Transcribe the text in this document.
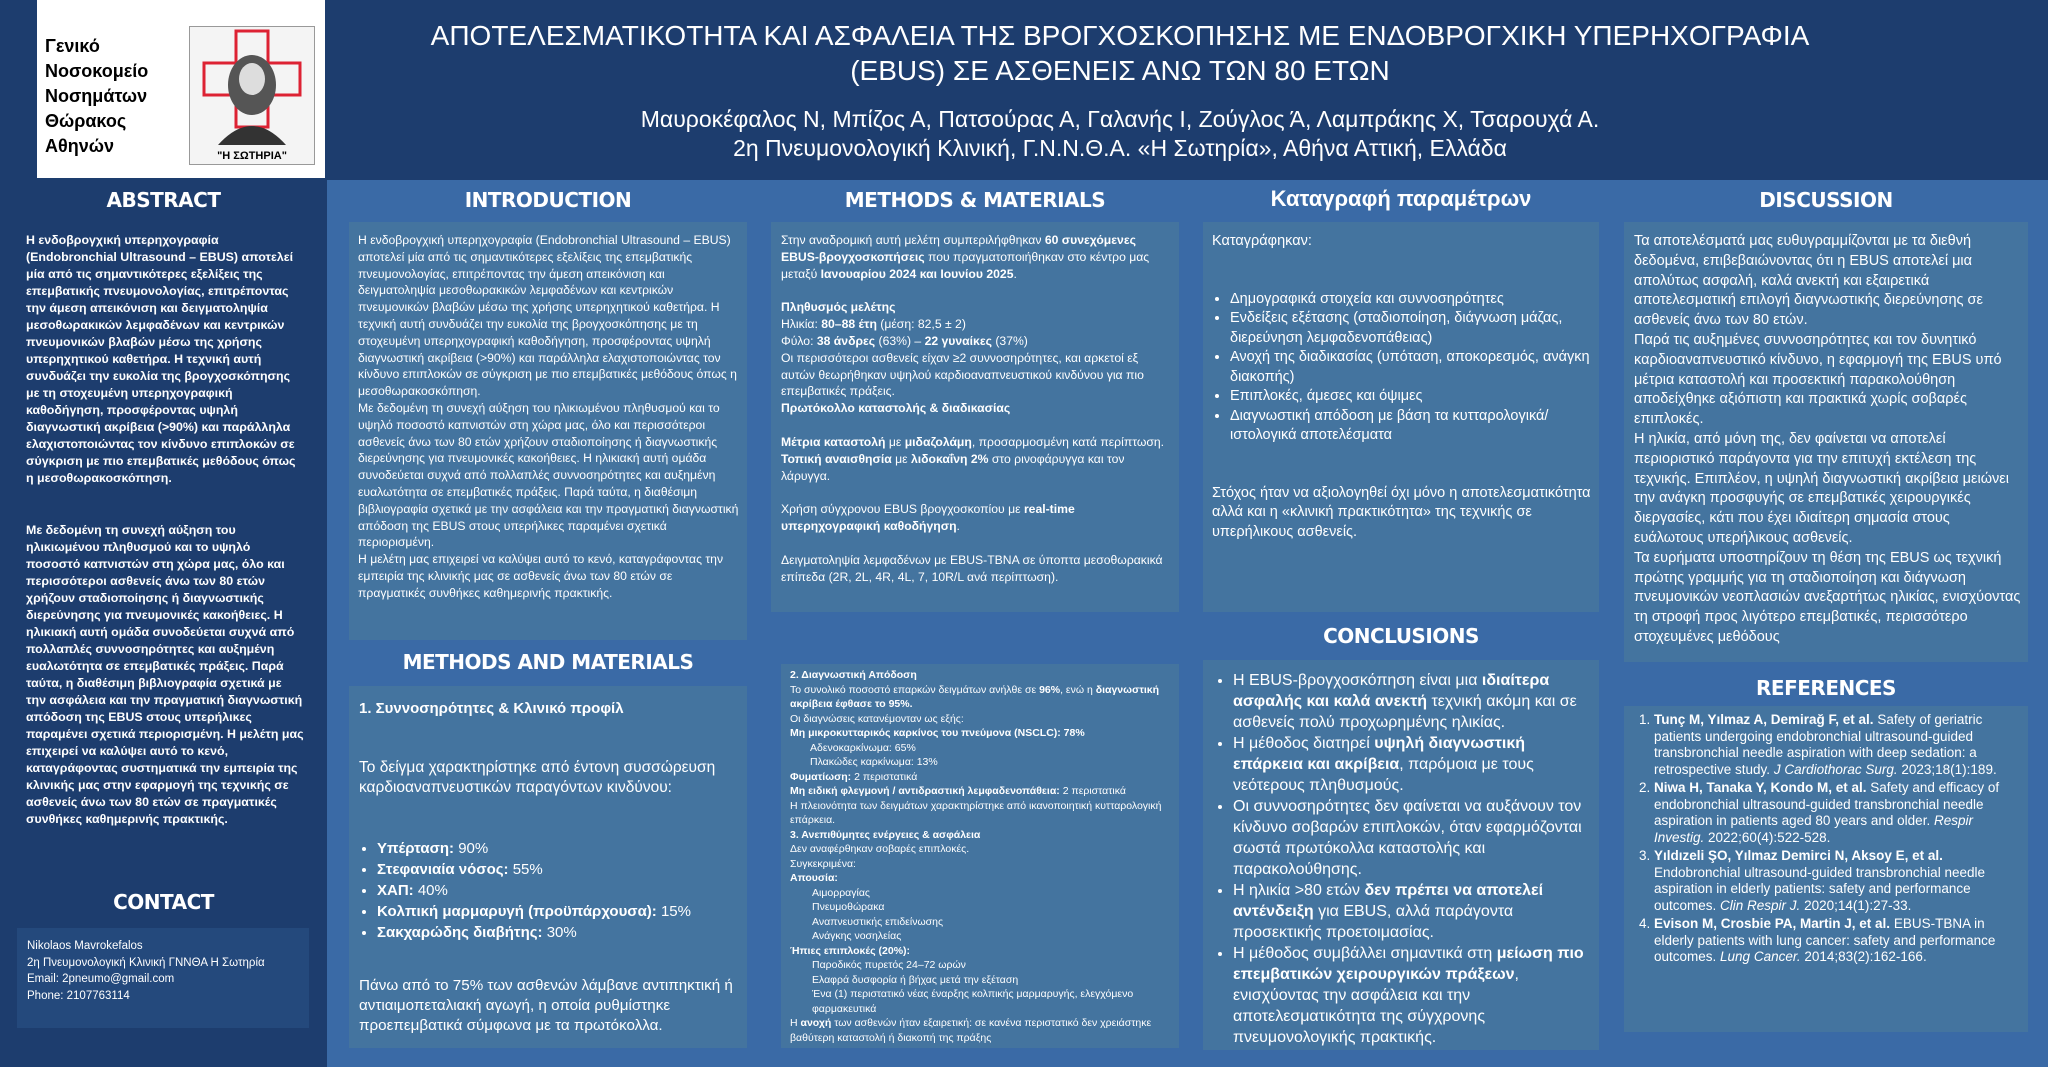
Γενικό
Νοσοκομείο
Νοσημάτων
Θώρακος
Αθηνών	"Η ΣΩΤΗΡΙΑ"
ΑΠΟΤΕΛΕΣΜΑΤΙΚΟΤΗΤΑ ΚΑΙ ΑΣΦΑΛΕΙΑ ΤΗΣ ΒΡΟΓΧΟΣΚΟΠΗΣΗΣ ΜΕ ΕΝΔΟΒΡΟΓΧΙΚΗ ΥΠΕΡΗΧΟΓΡΑΦΙΑ
(EBUS) ΣΕ ΑΣΘΕΝΕΙΣ ΑΝΩ ΤΩΝ 80 ΕΤΩΝ
Μαυροκέφαλος Ν, Μπίζος Α, Πατσούρας Α, Γαλανής Ι, Ζούγλος Ά, Λαμπράκης Χ, Τσαρουχά Α.
2η Πνευμονολογική Κλινική, Γ.Ν.Ν.Θ.Α. «Η Σωτηρία», Αθήνα Αττική, Ελλάδα
ABSTRACT
Η ενδοβρογχική υπερηχογραφία (Endobronchial Ultrasound – EBUS) αποτελεί μία από τις σημαντικότερες εξελίξεις της επεμβατικής πνευμονολογίας, επιτρέποντας την άμεση απεικόνιση και δειγματοληψία μεσοθωρακικών λεμφαδένων και κεντρικών πνευμονικών βλαβών μέσω της χρήσης υπερηχητικού καθετήρα. Η τεχνική αυτή συνδυάζει την ευκολία της βρογχοσκόπησης με τη στοχευμένη υπερηχογραφική καθοδήγηση, προσφέροντας υψηλή διαγνωστική ακρίβεια (>90%) και παράλληλα ελαχιστοποιώντας τον κίνδυνο επιπλοκών σε σύγκριση με πιο επεμβατικές μεθόδους όπως η μεσοθωρακοσκόπηση.
Με δεδομένη τη συνεχή αύξηση του ηλικιωμένου πληθυσμού και το υψηλό ποσοστό καπνιστών στη χώρα μας, όλο και περισσότεροι ασθενείς άνω των 80 ετών χρήζουν σταδιοποίησης ή διαγνωστικής διερεύνησης για πνευμονικές κακοήθειες. Η ηλικιακή αυτή ομάδα συνοδεύεται συχνά από πολλαπλές συννοσηρότητες και αυξημένη ευαλωτότητα σε επεμβατικές πράξεις. Παρά ταύτα, η διαθέσιμη βιβλιογραφία σχετικά με την ασφάλεια και την πραγματική διαγνωστική απόδοση της EBUS στους υπερήλικες παραμένει σχετικά περιορισμένη. Η μελέτη μας επιχειρεί να καλύψει αυτό το κενό, καταγράφοντας συστηματικά την εμπειρία της κλινικής μας στην εφαρμογή της τεχνικής σε ασθενείς άνω των 80 ετών σε πραγματικές συνθήκες καθημερινής πρακτικής.
CONTACT
Nikolaos Mavrokefalos
2η Πνευμονολογική Κλινική ΓΝΝΘΑ Η Σωτηρία
Email: 2pneumo@gmail.com
Phone: 2107763114
INTRODUCTION
Η ενδοβρογχική υπερηχογραφία (Endobronchial Ultrasound – EBUS) αποτελεί μία από τις σημαντικότερες εξελίξεις της επεμβατικής πνευμονολογίας, επιτρέποντας την άμεση απεικόνιση και δειγματοληψία μεσοθωρακικών λεμφαδένων και κεντρικών πνευμονικών βλαβών μέσω της χρήσης υπερηχητικού καθετήρα. Η τεχνική αυτή συνδυάζει την ευκολία της βρογχοσκόπησης με τη στοχευμένη υπερηχογραφική καθοδήγηση, προσφέροντας υψηλή διαγνωστική ακρίβεια (>90%) και παράλληλα ελαχιστοποιώντας τον κίνδυνο επιπλοκών σε σύγκριση με πιο επεμβατικές μεθόδους όπως η μεσοθωρακοσκόπηση.
Με δεδομένη τη συνεχή αύξηση του ηλικιωμένου πληθυσμού και το υψηλό ποσοστό καπνιστών στη χώρα μας, όλο και περισσότεροι ασθενείς άνω των 80 ετών χρήζουν σταδιοποίησης ή διαγνωστικής διερεύνησης για πνευμονικές κακοήθειες. Η ηλικιακή αυτή ομάδα συνοδεύεται συχνά από πολλαπλές συννοσηρότητες και αυξημένη ευαλωτότητα σε επεμβατικές πράξεις. Παρά ταύτα, η διαθέσιμη βιβλιογραφία σχετικά με την ασφάλεια και την πραγματική διαγνωστική απόδοση της EBUS στους υπερήλικες παραμένει σχετικά περιορισμένη.
Η μελέτη μας επιχειρεί να καλύψει αυτό το κενό, καταγράφοντας την εμπειρία της κλινικής μας σε ασθενείς άνω των 80 ετών σε πραγματικές συνθήκες καθημερινής πρακτικής.
METHODS AND MATERIALS
1. Συννοσηρότητες & Κλινικό προφίλ
Το δείγμα χαρακτηρίστηκε από έντονη συσσώρευση καρδιοαναπνευστικών παραγόντων κινδύνου:
• Υπέρταση: 90%
• Στεφανιαία νόσος: 55%
• ΧΑΠ: 40%
• Κολπική μαρμαρυγή (προϋπάρχουσα): 15%
• Σακχαρώδης διαβήτης: 30%
Πάνω από το 75% των ασθενών λάμβανε αντιπηκτική ή αντιαιμοπεταλιακή αγωγή, η οποία ρυθμίστηκε προεπεμβατικά σύμφωνα με τα πρωτόκολλα.
METHODS & MATERIALS
Στην αναδρομική αυτή μελέτη συμπεριλήφθηκαν 60 συνεχόμενες EBUS-βρογχοσκοπήσεις που πραγματοποιήθηκαν στο κέντρο μας μεταξύ Ιανουαρίου 2024 και Ιουνίου 2025.
Πληθυσμός μελέτης
Ηλικία: 80–88 έτη (μέση: 82,5 ± 2)
Φύλο: 38 άνδρες (63%) – 22 γυναίκες (37%)
Οι περισσότεροι ασθενείς είχαν ≥2 συννοσηρότητες, και αρκετοί εξ αυτών θεωρήθηκαν υψηλού καρδιοαναπνευστικού κινδύνου για πιο επεμβατικές πράξεις.
Πρωτόκολλο καταστολής & διαδικασίας
Μέτρια καταστολή με μιδαζολάμη, προσαρμοσμένη κατά περίπτωση.
Τοπική αναισθησία με λιδοκαΐνη 2% στο ρινοφάρυγγα και τον λάρυγγα.
Χρήση σύγχρονου EBUS βρογχοσκοπίου με real-time υπερηχογραφική καθοδήγηση.
Δειγματοληψία λεμφαδένων με EBUS-TBNA σε ύποπτα μεσοθωρακικά επίπεδα (2R, 2L, 4R, 4L, 7, 10R/L ανά περίπτωση).
2. Διαγνωστική Απόδοση
Το συνολικό ποσοστό επαρκών δειγμάτων ανήλθε σε 96%, ενώ η διαγνωστική ακρίβεια έφθασε το 95%.
Οι διαγνώσεις κατανέμονταν ως εξής:
Μη μικροκυτταρικός καρκίνος του πνεύμονα (NSCLC): 78%
Αδενοκαρκίνωμα: 65%
Πλακώδες καρκίνωμα: 13%
Φυματίωση: 2 περιστατικά
Μη ειδική φλεγμονή / αντιδραστική λεμφαδενοπάθεια: 2 περιστατικά
Η πλειονότητα των δειγμάτων χαρακτηρίστηκε από ικανοποιητική κυτταρολογική επάρκεια.
3. Ανεπιθύμητες ενέργειες & ασφάλεια
Δεν αναφέρθηκαν σοβαρές επιπλοκές.
Συγκεκριμένα:
Απουσία:
Αιμορραγίας
Πνευμοθώρακα
Αναπνευστικής επιδείνωσης
Ανάγκης νοσηλείας
Ήπιες επιπλοκές (20%):
Παροδικός πυρετός 24–72 ωρών
Ελαφρά δυσφορία ή βήχας μετά την εξέταση
Ένα (1) περιστατικό νέας έναρξης κολπικής μαρμαρυγής, ελεγχόμενο φαρμακευτικά
Η ανοχή των ασθενών ήταν εξαιρετική: σε κανένα περιστατικό δεν χρειάστηκε βαθύτερη καταστολή ή διακοπή της πράξης
Καταγραφή παραμέτρων
Καταγράφηκαν:
• Δημογραφικά στοιχεία και συννοσηρότητες
• Ενδείξεις εξέτασης (σταδιοποίηση, διάγνωση μάζας, διερεύνηση λεμφαδενοπάθειας)
• Ανοχή της διαδικασίας (υπόταση, αποκορεσμός, ανάγκη διακοπής)
• Επιπλοκές, άμεσες και όψιμες
• Διαγνωστική απόδοση με βάση τα κυτταρολογικά/ιστολογικά αποτελέσματα
Στόχος ήταν να αξιολογηθεί όχι μόνο η αποτελεσματικότητα αλλά και η «κλινική πρακτικότητα» της τεχνικής σε υπερήλικους ασθενείς.
CONCLUSIONS
• Η EBUS-βρογχοσκόπηση είναι μια ιδιαίτερα ασφαλής και καλά ανεκτή τεχνική ακόμη και σε ασθενείς πολύ προχωρημένης ηλικίας.
• Η μέθοδος διατηρεί υψηλή διαγνωστική επάρκεια και ακρίβεια, παρόμοια με τους νεότερους πληθυσμούς.
• Οι συννοσηρότητες δεν φαίνεται να αυξάνουν τον κίνδυνο σοβαρών επιπλοκών, όταν εφαρμόζονται σωστά πρωτόκολλα καταστολής και παρακολούθησης.
• Η ηλικία >80 ετών δεν πρέπει να αποτελεί αντένδειξη για EBUS, αλλά παράγοντα προσεκτικής προετοιμασίας.
• Η μέθοδος συμβάλλει σημαντικά στη μείωση πιο επεμβατικών χειρουργικών πράξεων, ενισχύοντας την ασφάλεια και την αποτελεσματικότητα της σύγχρονης πνευμονολογικής πρακτικής.
DISCUSSION
Τα αποτελέσματά μας ευθυγραμμίζονται με τα διεθνή δεδομένα, επιβεβαιώνοντας ότι η EBUS αποτελεί μια απολύτως ασφαλή, καλά ανεκτή και εξαιρετικά αποτελεσματική επιλογή διαγνωστικής διερεύνησης σε ασθενείς άνω των 80 ετών.
Παρά τις αυξημένες συννοσηρότητες και τον δυνητικό καρδιοαναπνευστικό κίνδυνο, η εφαρμογή της EBUS υπό μέτρια καταστολή και προσεκτική παρακολούθηση αποδείχθηκε αξιόπιστη και πρακτικά χωρίς σοβαρές επιπλοκές.
Η ηλικία, από μόνη της, δεν φαίνεται να αποτελεί περιοριστικό παράγοντα για την επιτυχή εκτέλεση της τεχνικής. Επιπλέον, η υψηλή διαγνωστική ακρίβεια μειώνει την ανάγκη προσφυγής σε επεμβατικές χειρουργικές διεργασίες, κάτι που έχει ιδιαίτερη σημασία στους ευάλωτους υπερήλικους ασθενείς.
Τα ευρήματα υποστηρίζουν τη θέση της EBUS ως τεχνική πρώτης γραμμής για τη σταδιοποίηση και διάγνωση πνευμονικών νεοπλασιών ανεξαρτήτως ηλικίας, ενισχύοντας τη στροφή προς λιγότερο επεμβατικές, περισσότερο στοχευμένες μεθόδους
REFERENCES
1. Tunç M, Yılmaz A, Demirağ F, et al. Safety of geriatric patients undergoing endobronchial ultrasound-guided transbronchial needle aspiration with deep sedation: a retrospective study. J Cardiothorac Surg. 2023;18(1):189.
2. Niwa H, Tanaka Y, Kondo M, et al. Safety and efficacy of endobronchial ultrasound-guided transbronchial needle aspiration in patients aged 80 years and older. Respir Investig. 2022;60(4):522-528.
3. Yıldızeli ŞO, Yılmaz Demirci N, Aksoy E, et al. Endobronchial ultrasound-guided transbronchial needle aspiration in elderly patients: safety and performance outcomes. Clin Respir J. 2020;14(1):27-33.
4. Evison M, Crosbie PA, Martin J, et al. EBUS-TBNA in elderly patients with lung cancer: safety and performance outcomes. Lung Cancer. 2014;83(2):162-166.
